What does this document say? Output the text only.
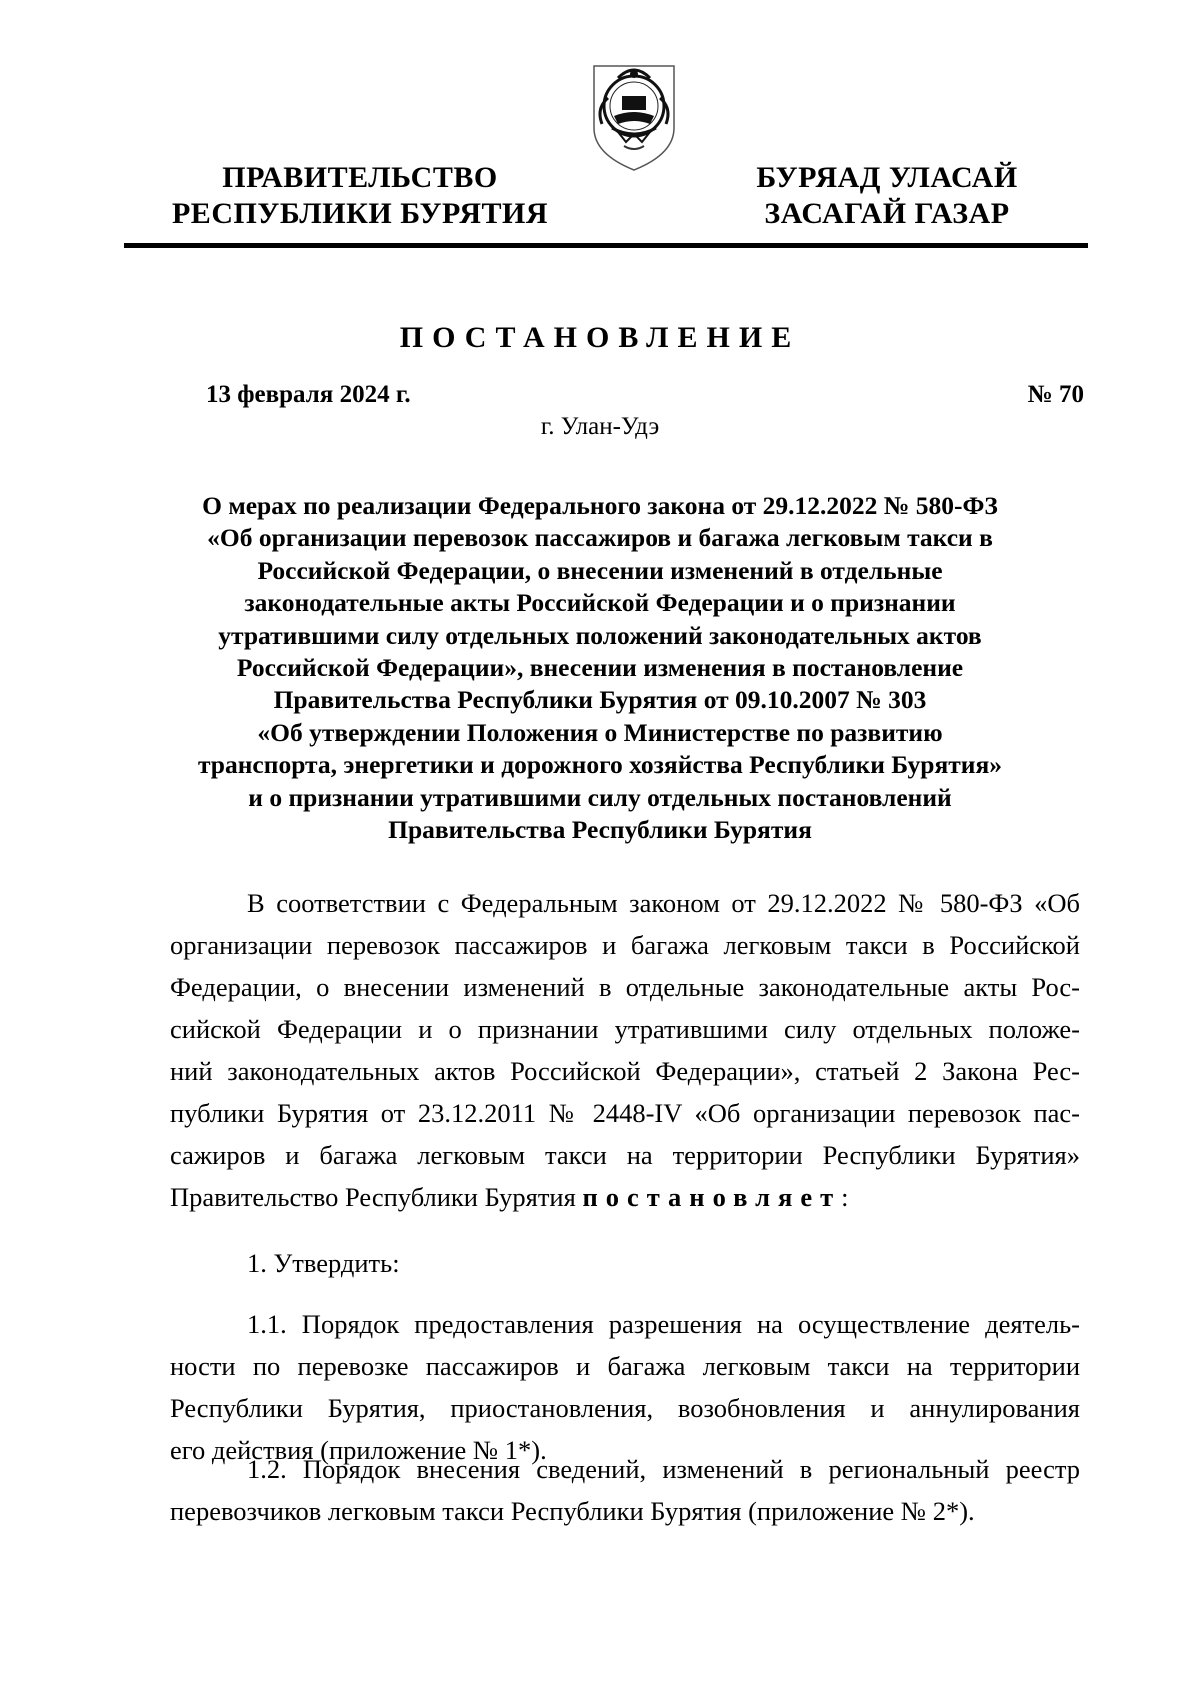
ПРАВИТЕЛЬСТВО
РЕСПУБЛИКИ БУРЯТИЯ
БУРЯАД УЛАСАЙ
ЗАСАГАЙ ГАЗАР
ПОСТАНОВЛЕНИЕ
13 февраля 2024 г.	№ 70
г. Улан-Удэ
О мерах по реализации Федерального закона от 29.12.2022 № 580-ФЗ
«Об организации перевозок пассажиров и багажа легковым такси в
Российской Федерации, о внесении изменений в отдельные
законодательные акты Российской Федерации и о признании
утратившими силу отдельных положений законодательных актов
Российской Федерации», внесении изменения в постановление
Правительства Республики Бурятия от 09.10.2007 № 303
«Об утверждении Положения о Министерстве по развитию
транспорта, энергетики и дорожного хозяйства Республики Бурятия»
и о признании утратившими силу отдельных постановлений
Правительства Республики Бурятия
В соответствии с Федеральным законом от 29.12.2022 № 580-ФЗ «Об
организации перевозок пассажиров и багажа легковым такси в Российской
Федерации, о внесении изменений в отдельные законодательные акты Рос-
сийской Федерации и о признании утратившими силу отдельных положе-
ний законодательных актов Российской Федерации», статьей 2 Закона Рес-
публики Бурятия от 23.12.2011 № 2448-IV «Об организации перевозок пас-
сажиров и багажа легковым такси на территории Республики Бурятия»
Правительство Республики Бурятия постановляет:
1. Утвердить:
1.1. Порядок предоставления разрешения на осуществление деятель-
ности по перевозке пассажиров и багажа легковым такси на территории
Республики Бурятия, приостановления, возобновления и аннулирования
его действия (приложение № 1*).
1.2. Порядок внесения сведений, изменений в региональный реестр
перевозчиков легковым такси Республики Бурятия (приложение № 2*).
